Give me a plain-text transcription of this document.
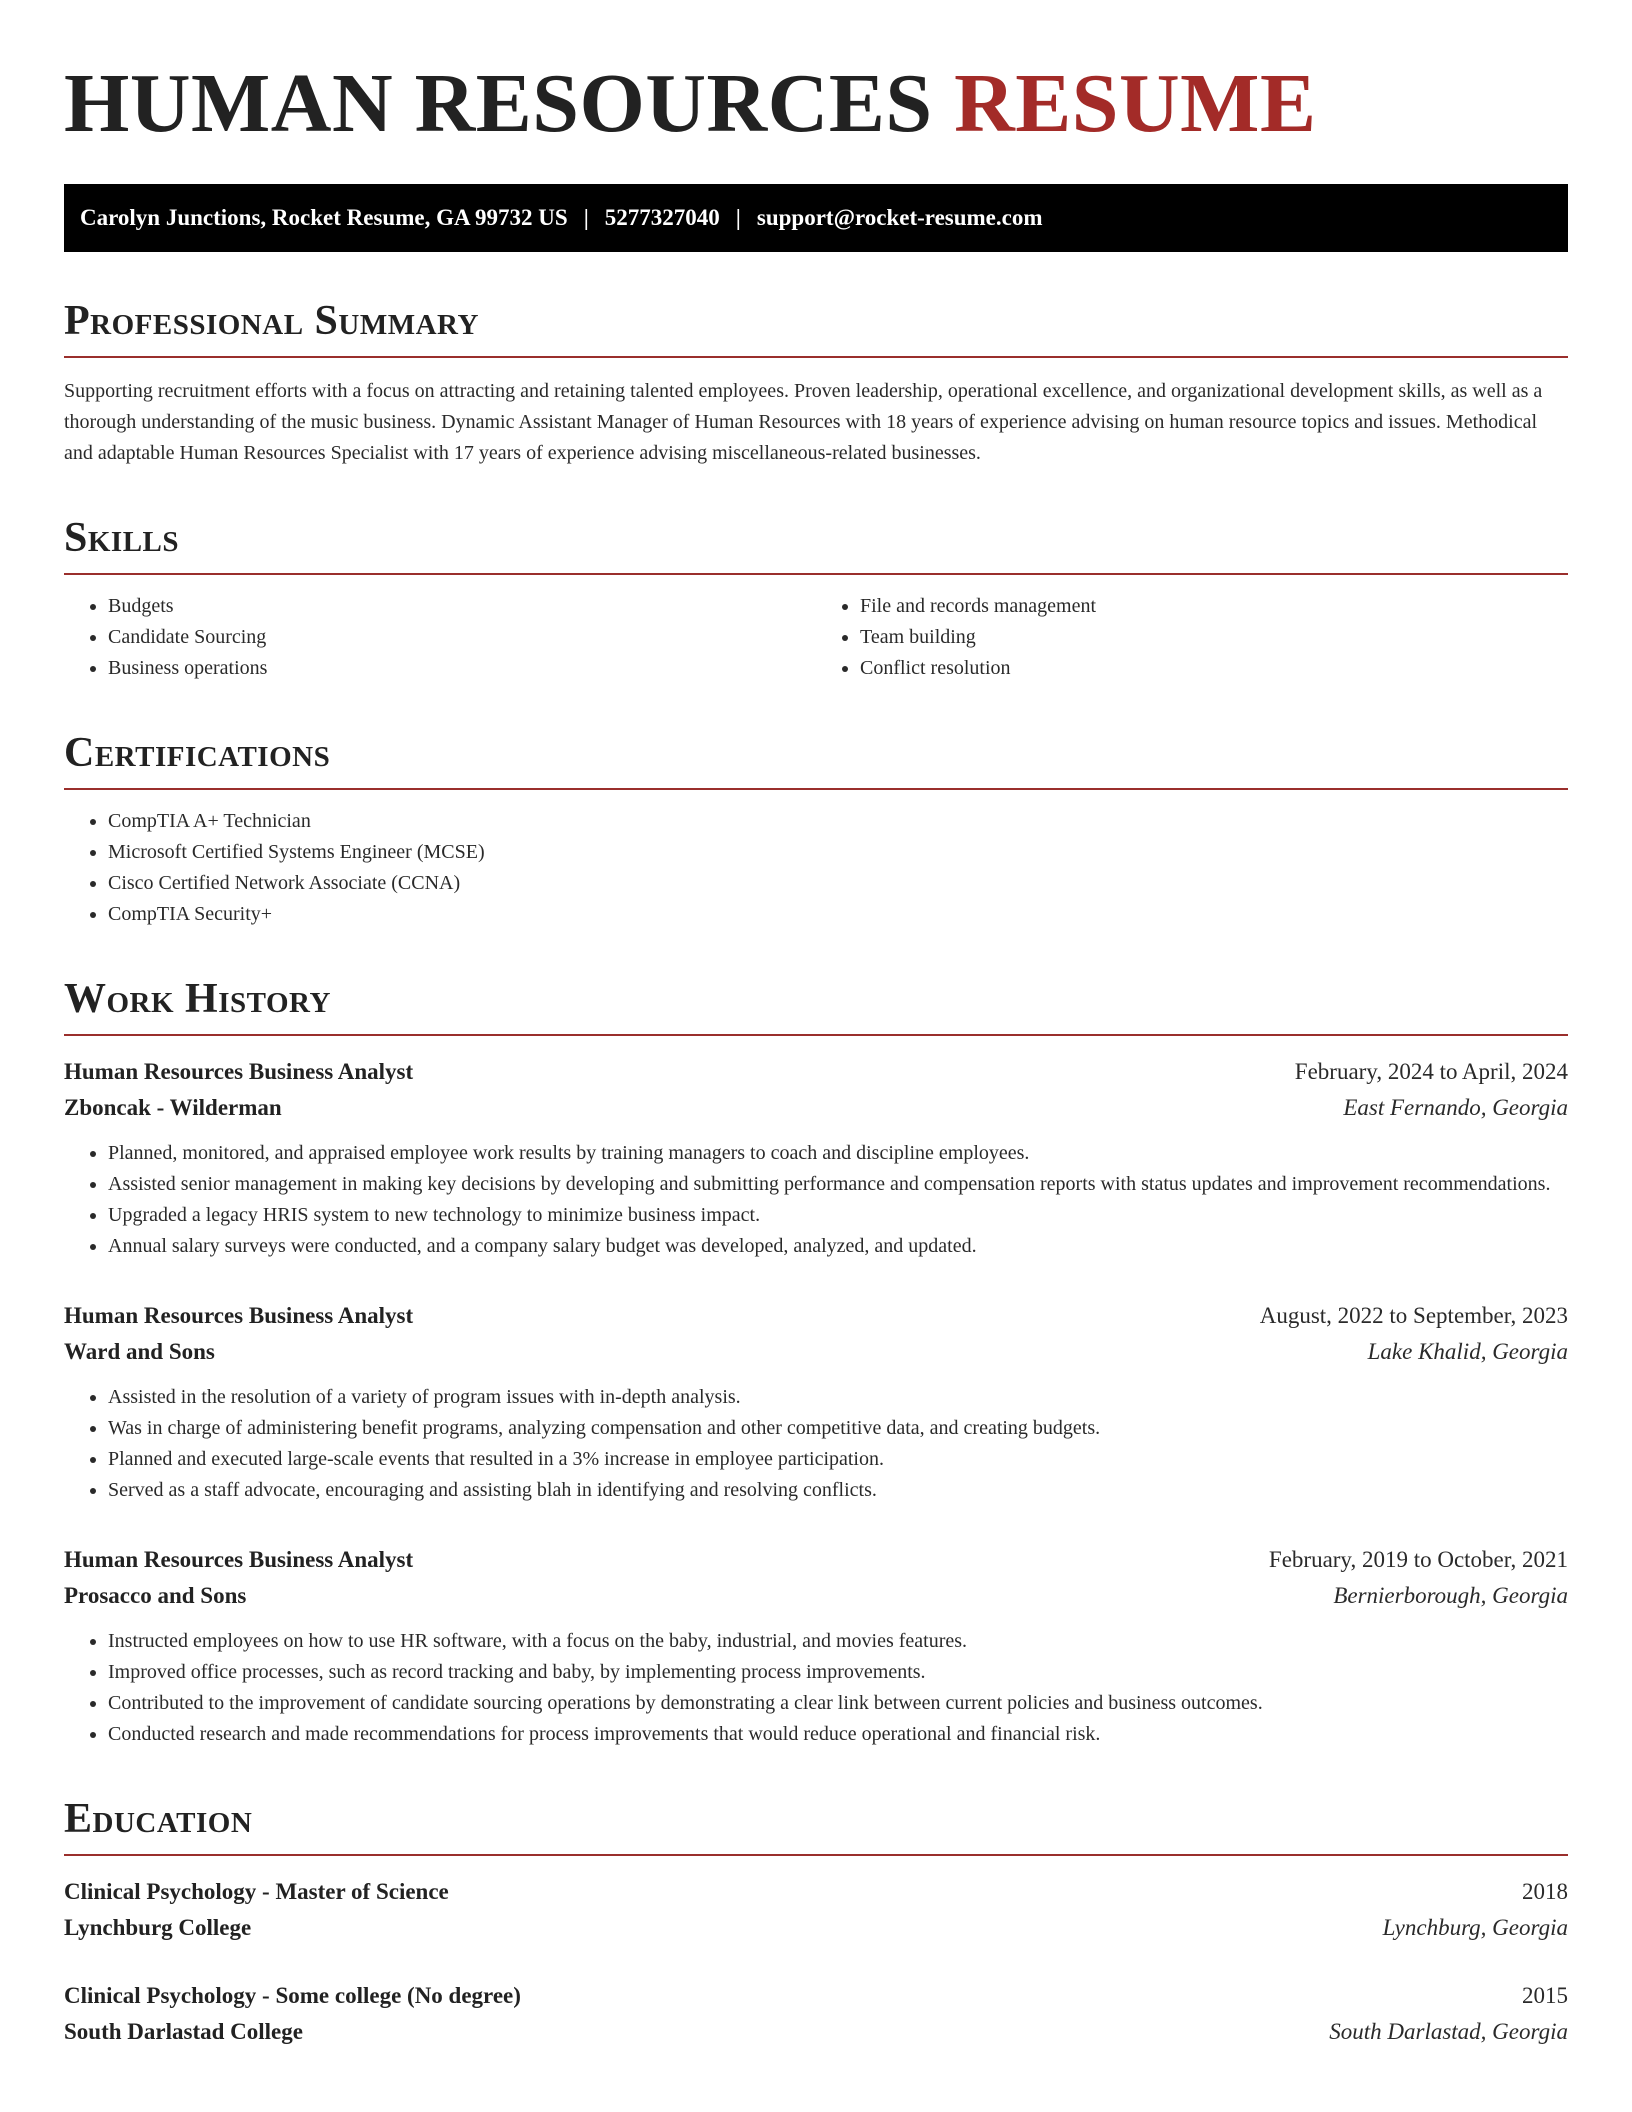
HUMAN RESOURCES RESUME
Carolyn Junctions, Rocket Resume, GA 99732 US | 5277327040 | support@rocket-resume.com
Professional Summary

Supporting recruitment efforts with a focus on attracting and retaining talented employees. Proven leadership, operational excellence, and organizational development skills, as well as a thorough understanding of the music business. Dynamic Assistant Manager of Human Resources with 18 years of experience advising on human resource topics and issues. Methodical and adaptable Human Resources Specialist with 17 years of experience advising miscellaneous-related businesses.

Skills
• Budgets
• Candidate Sourcing
• Business operations
• File and records management
• Team building
• Conflict resolution
Certifications
• CompTIA A+ Technician
• Microsoft Certified Systems Engineer (MCSE)
• Cisco Certified Network Associate (CCNA)
• CompTIA Security+
Work History
Human Resources Business Analyst	February, 2024 to April, 2024
Zboncak - Wilderman	East Fernando, Georgia
• Planned, monitored, and appraised employee work results by training managers to coach and discipline employees.
• Assisted senior management in making key decisions by developing and submitting performance and compensation reports with status updates and improvement recommendations.
• Upgraded a legacy HRIS system to new technology to minimize business impact.
• Annual salary surveys were conducted, and a company salary budget was developed, analyzed, and updated.
Human Resources Business Analyst	August, 2022 to September, 2023
Ward and Sons	Lake Khalid, Georgia
• Assisted in the resolution of a variety of program issues with in-depth analysis.
• Was in charge of administering benefit programs, analyzing compensation and other competitive data, and creating budgets.
• Planned and executed large-scale events that resulted in a 3% increase in employee participation.
• Served as a staff advocate, encouraging and assisting blah in identifying and resolving conflicts.
Human Resources Business Analyst	February, 2019 to October, 2021
Prosacco and Sons	Bernierborough, Georgia
• Instructed employees on how to use HR software, with a focus on the baby, industrial, and movies features.
• Improved office processes, such as record tracking and baby, by implementing process improvements.
• Contributed to the improvement of candidate sourcing operations by demonstrating a clear link between current policies and business outcomes.
• Conducted research and made recommendations for process improvements that would reduce operational and financial risk.
Education
Clinical Psychology - Master of Science	2018
Lynchburg College	Lynchburg, Georgia
Clinical Psychology - Some college (No degree)	2015
South Darlastad College	South Darlastad, Georgia
